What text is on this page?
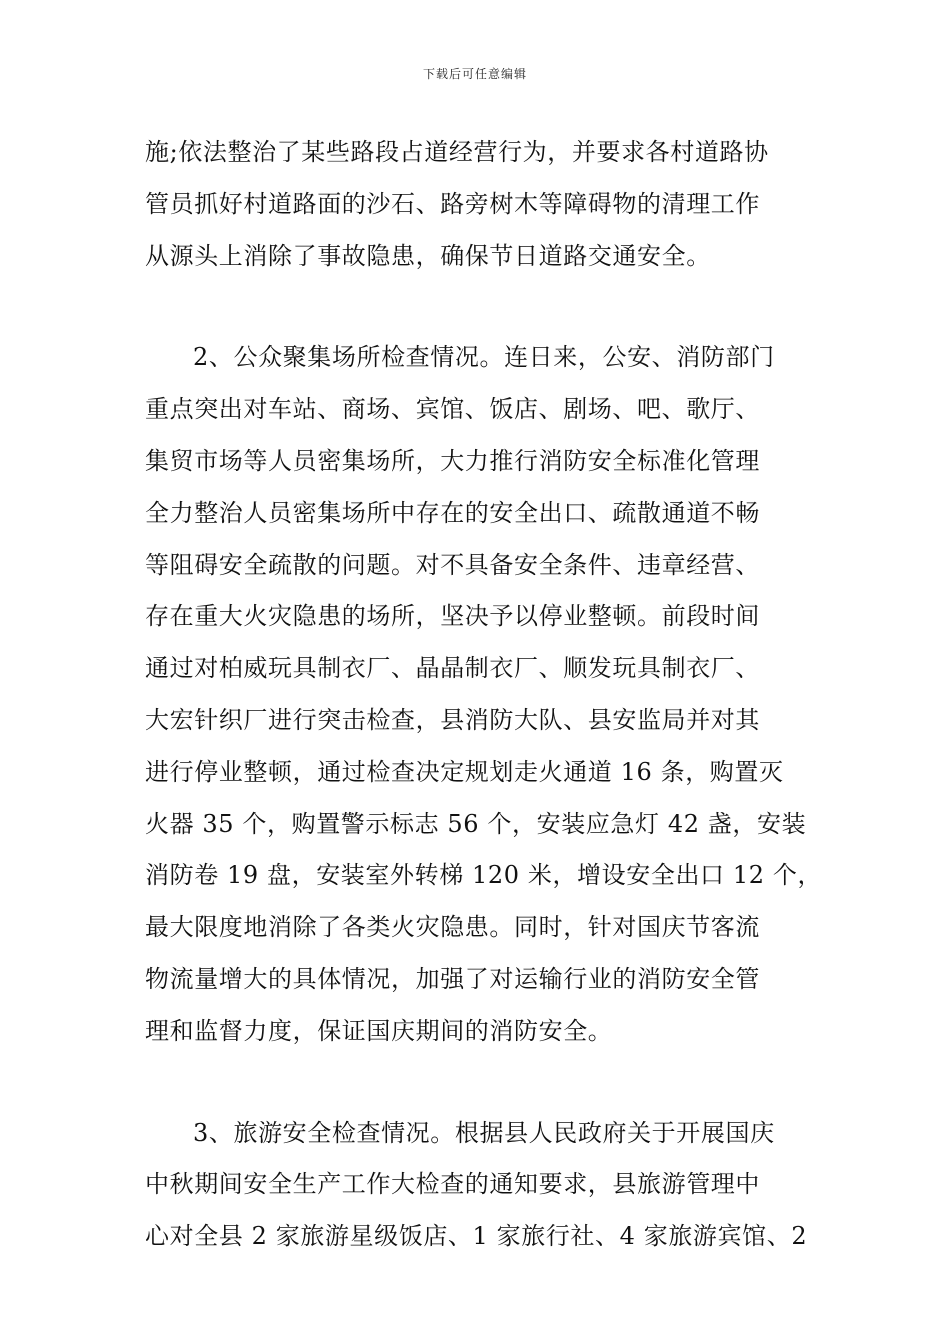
下载后可任意编辑
施;依法整治了某些路段占道经营行为，并要求各村道路协
管员抓好村道路面的沙石、路旁树木等障碍物的清理工作
从源头上消除了事故隐患，确保节日道路交通安全。
2、公众聚集场所检查情况。连日来，公安、消防部门
重点突出对车站、商场、宾馆、饭店、剧场、吧、歌厅、
集贸市场等人员密集场所，大力推行消防安全标准化管理
全力整治人员密集场所中存在的安全出口、疏散通道不畅
等阻碍安全疏散的问题。对不具备安全条件、违章经营、
存在重大火灾隐患的场所，坚决予以停业整顿。前段时间
通过对柏威玩具制衣厂、晶晶制衣厂、顺发玩具制衣厂、
大宏针织厂进行突击检查，县消防大队、县安监局并对其
进行停业整顿，通过检查决定规划走火通道 16 条，购置灭
火器 35 个，购置警示标志 56 个，安装应急灯 42 盏，安装
消防卷 19 盘，安装室外转梯 120 米，增设安全出口 12 个，
最大限度地消除了各类火灾隐患。同时，针对国庆节客流
物流量增大的具体情况，加强了对运输行业的消防安全管
理和监督力度，保证国庆期间的消防安全。
3、旅游安全检查情况。根据县人民政府关于开展国庆
中秋期间安全生产工作大检查的通知要求，县旅游管理中
心对全县 2 家旅游星级饭店、1 家旅行社、4 家旅游宾馆、2
